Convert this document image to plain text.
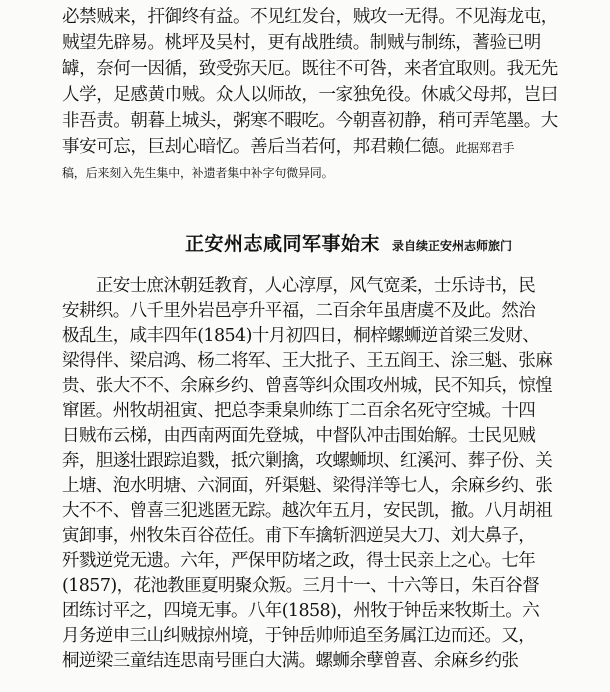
必禁贼来，扞御终有益。不见红发台，贼攻一无得。不见海龙屯，
贼望先辟易。桃坪及吴村，更有战胜绩。制贼与制练，蓍验已明
罅，奈何一因循，致受弥天厄。既往不可咎，来者宜取则。我无先
人学，足感黄巾贼。众人以师故，一家独免役。休戚父母邦，岂曰
非吾责。朝暮上城头，粥寒不暇吃。今朝喜初静，稍可弄笔墨。大
事安可忘，巨刦心暗忆。善后当若何，邦君赖仁德。此据郑君手
稿，后来刻入先生集中，补遗者集中补字句微异同。
正安州志咸同军事始末 录自续正安州志师旅门
　　正安士庶沐朝廷教育，人心淳厚，风气宽柔，士乐诗书，民
安耕织。八千里外岩邑亭升平福，二百余年虽唐虞不及此。然治
极乱生，咸丰四年(1854)十月初四日，桐梓螺蛳逆首梁三发财、
梁得伴、梁启鸿、杨二将军、王大批子、王五阎王、涂三魁、张麻
贵、张大不不、余麻乡约、曾喜等纠众围攻州城，民不知兵，惊惶
窜匿。州牧胡祖寅、把总李秉臬帅练丁二百余名死守空城。十四
日贼布云梯，由西南两面先登城，中督队冲击围始解。士民见贼
奔，胆遂壮跟踪追戮，抵穴剿擒，攻螺蛳坝、红溪河、葬子份、关
上塘、泡水明塘、六洞面，歼渠魁、梁得洋等七人，余麻乡约、张
大不不、曾喜三犯逃匿无踪。越次年五月，安民凯，撤。八月胡祖
寅卸事，州牧朱百谷莅任。甫下车擒斩泗逆吴大刀、刘大鼻子，
歼戮逆党无遗。六年，严保甲防堵之政，得士民亲上之心。七年
(1857)，花池教匪夏明聚众叛。三月十一、十六等日，朱百谷督
团练讨平之，四境无事。八年(1858)，州牧于钟岳来牧斯土。六
月务逆申三山纠贼掠州境，于钟岳帅师追至务属江边而还。又，
桐逆梁三童结连思南号匪白大满。螺蛳余孽曾喜、余麻乡约张
